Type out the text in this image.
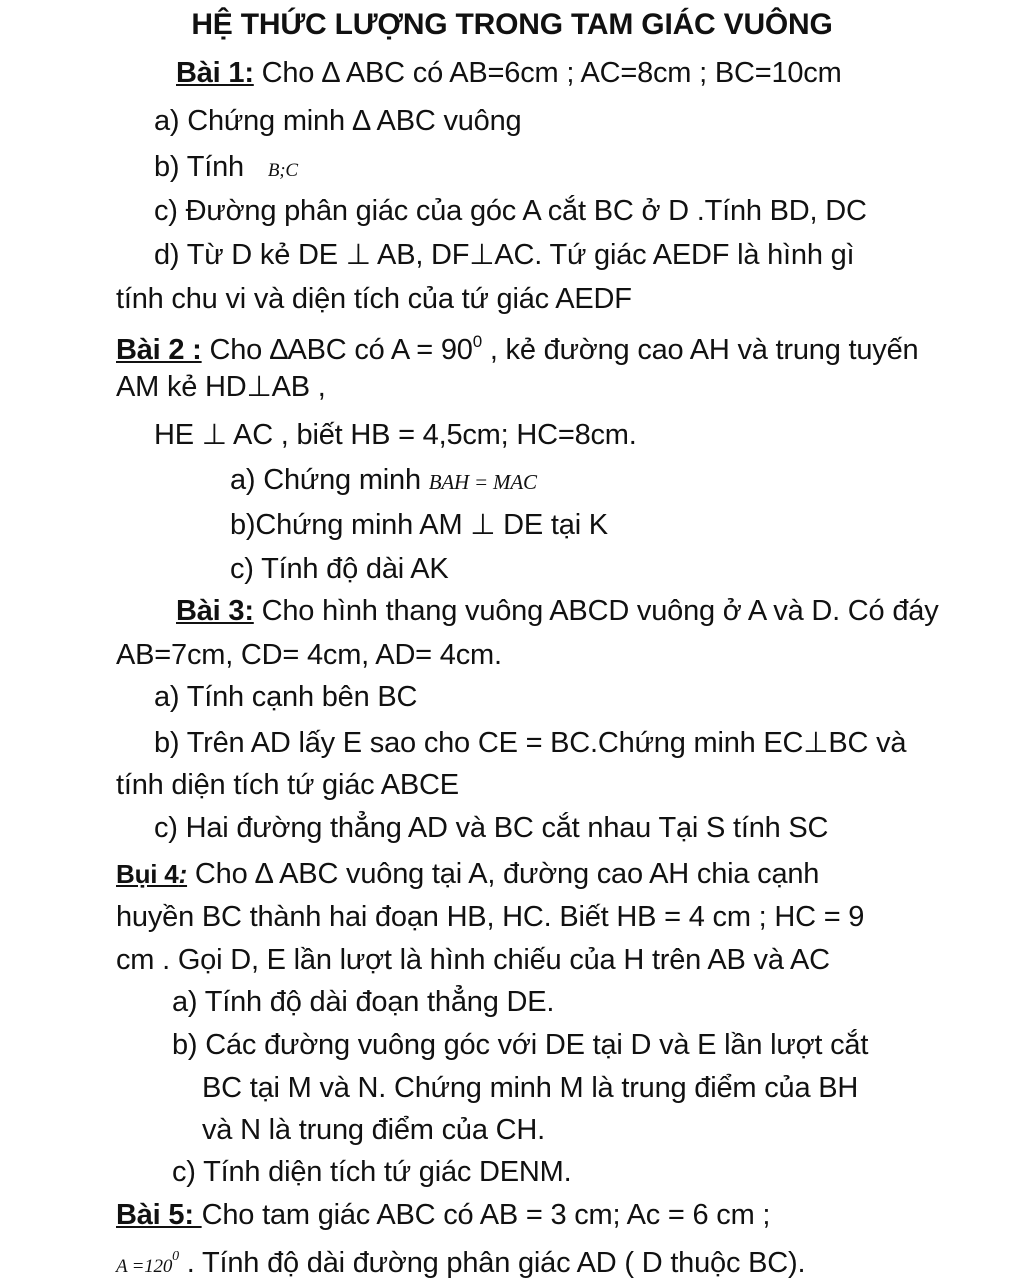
HỆ THỨC LƯỢNG TRONG TAM GIÁC VUÔNG
Bài 1: Cho ∆ ABC có AB=6cm ; AC=8cm ; BC=10cm
a) Chứng minh ∆ ABC vuông
b) Tính B;C
c) Đường phân giác của góc A cắt BC ở D .Tính BD, DC
d) Từ D kẻ DE ⊥ AB, DF⊥AC. Tứ giác AEDF là hình gì
tính chu vi và diện tích của tứ giác AEDF
Bài 2 : Cho ∆ABC có $A = 90^0$ , kẻ đường cao AH và trung tuyến
AM kẻ HD⊥AB ,
HE ⊥ AC , biết HB = 4,5cm; HC=8cm.
a) Chứng minh BAH = MAC
b)Chứng minh AM ⊥ DE tại K
c) Tính độ dài AK
Bài 3: Cho hình thang vuông ABCD vuông ở A và D. Có đáy
AB=7cm, CD= 4cm, AD= 4cm.
a) Tính cạnh bên BC
b) Trên AD lấy E sao cho CE = BC.Chứng minh EC⊥BC và
tính diện tích tứ giác ABCE
c) Hai đường thẳng AD và BC cắt nhau Tại S tính SC
Bụi 4: Cho ∆ ABC vuông tại A, đường cao AH chia cạnh
huyền BC thành hai đoạn HB, HC. Biết HB = 4 cm ; HC = 9
cm . Gọi D, E lần lượt là hình chiếu của H trên AB và AC
a) Tính độ dài đoạn thẳng DE.
b) Các đường vuông góc với DE tại D và E lần lượt cắt
BC tại M và N. Chứng minh M là trung điểm của BH
và N là trung điểm của CH.
c) Tính diện tích tứ giác DENM.
Bài 5: Cho tam giác ABC có AB = 3 cm; Ac = 6 cm ;
$A =120^0$ . Tính độ dài đường phân giác AD ( D thuộc BC).
